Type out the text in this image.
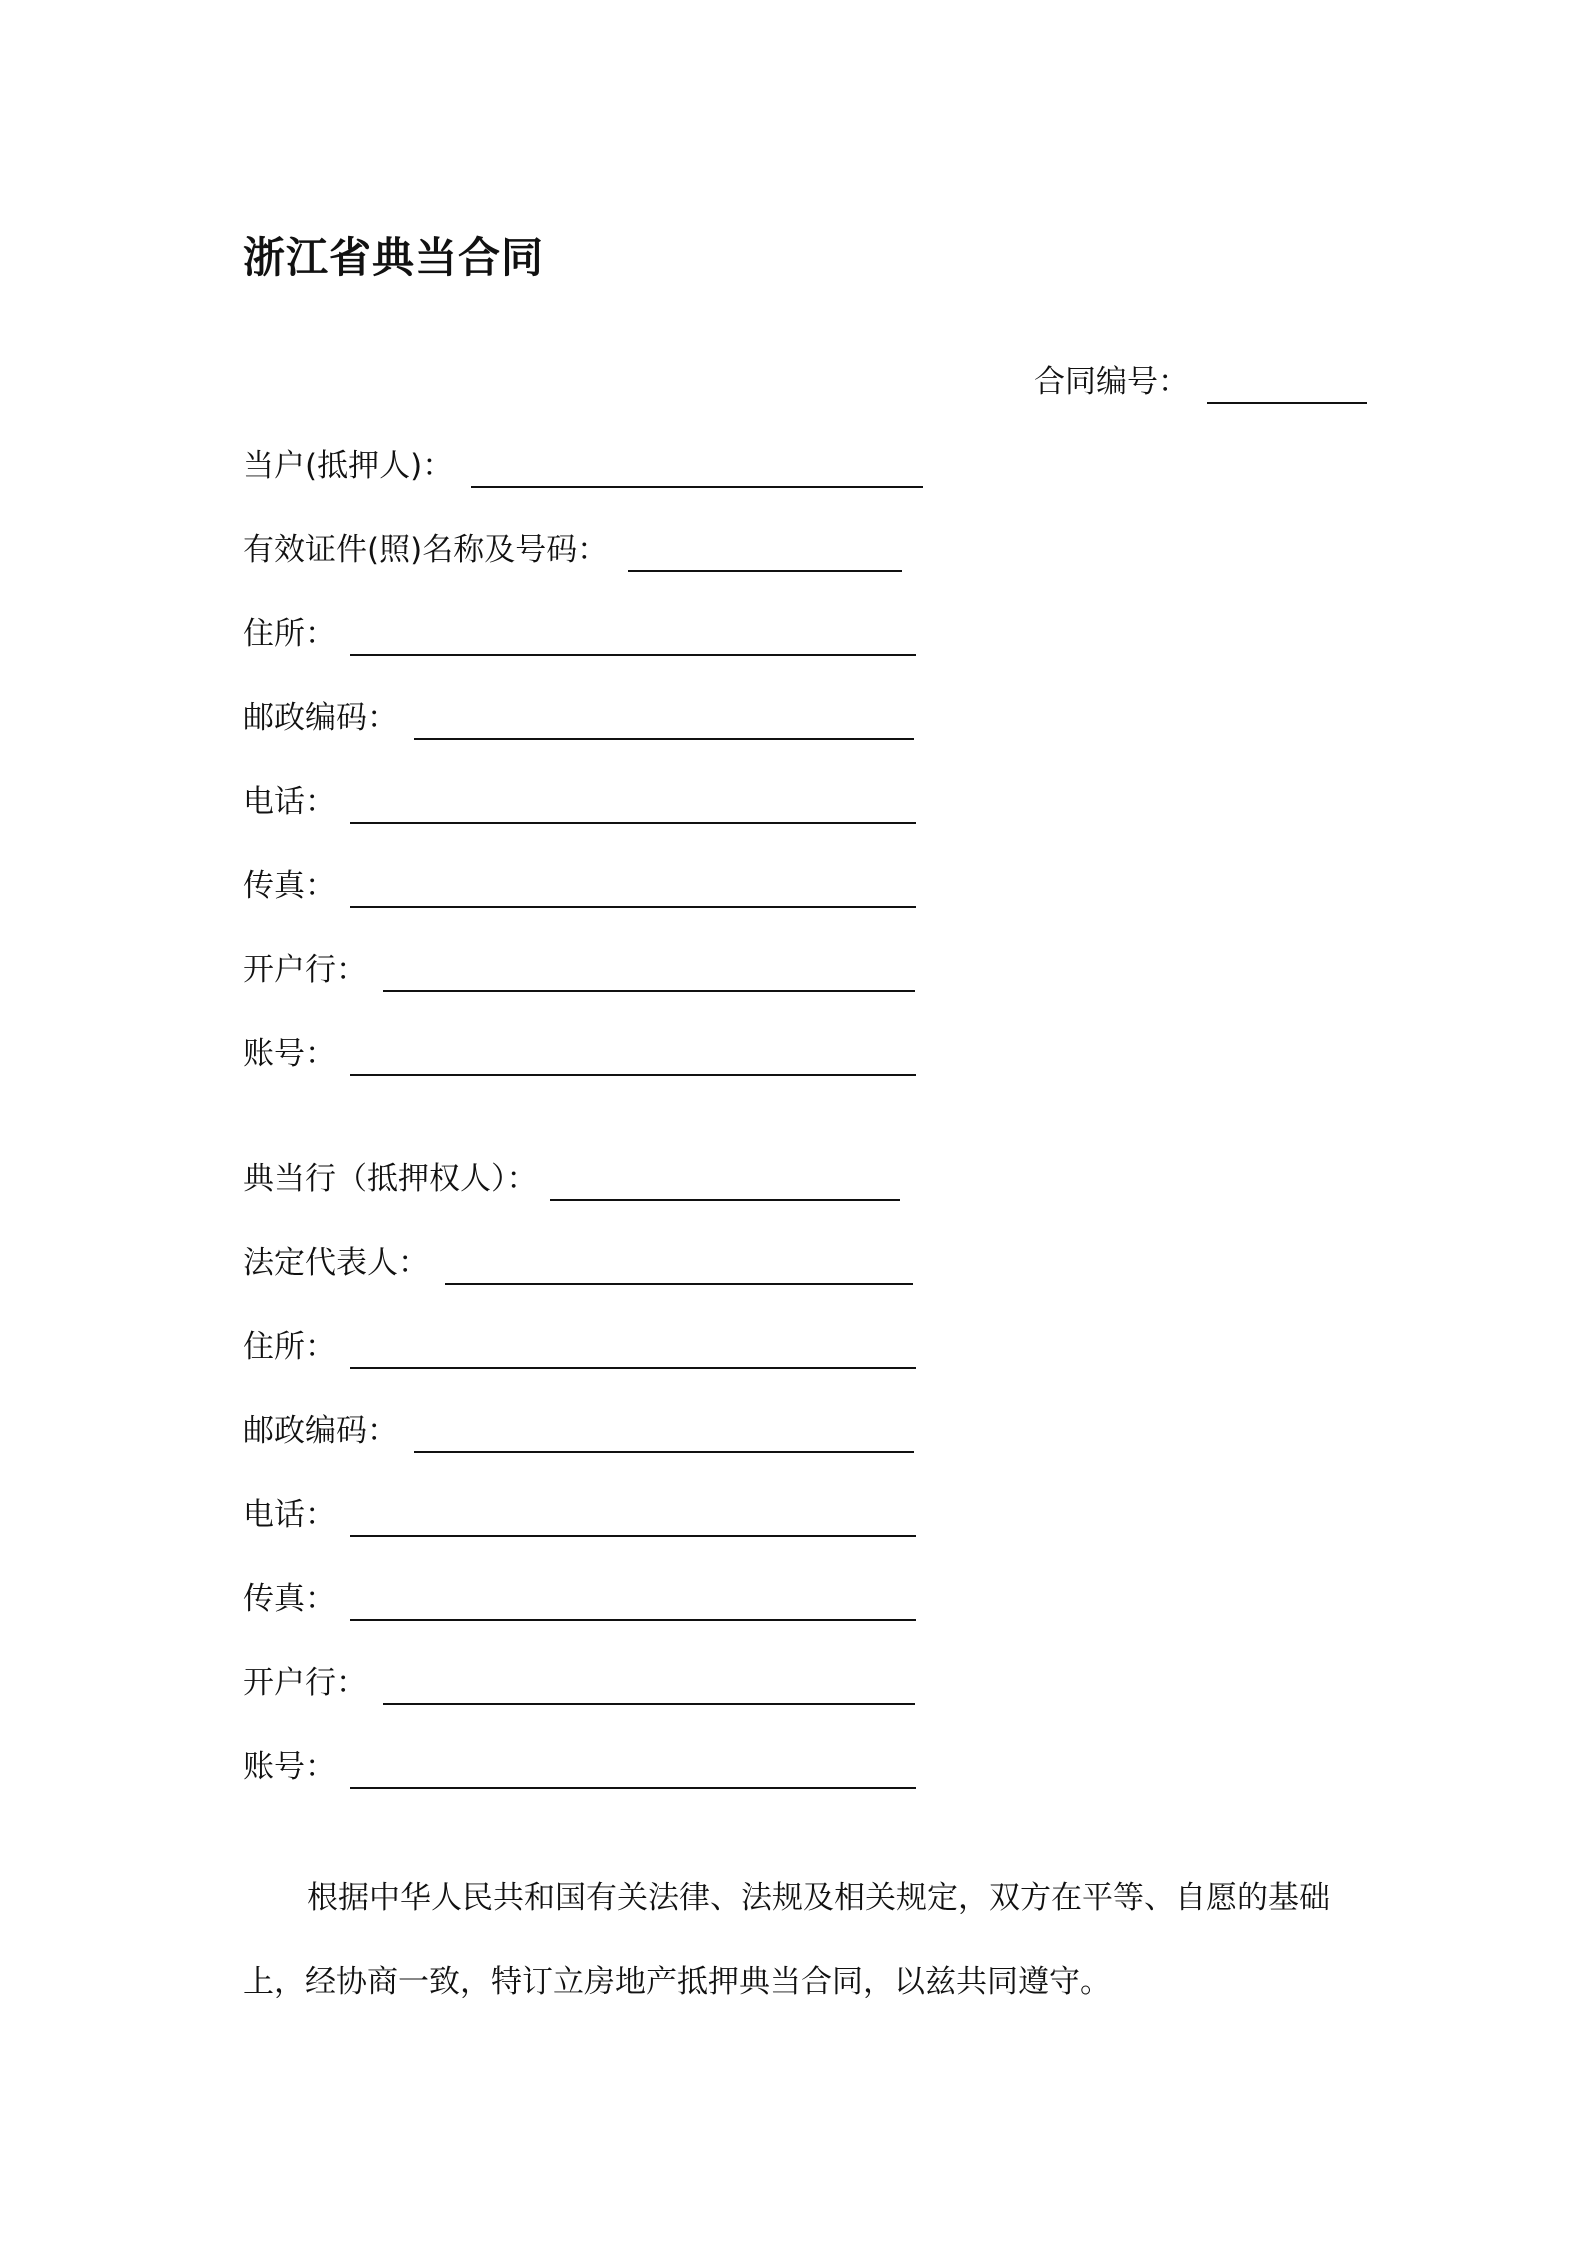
浙江省典当合同
合同编号：
当户(抵押人)：
有效证件(照)名称及号码：
住所：
邮政编码：
电话：
传真：
开户行：
账号：
典当行（抵押权人）：
法定代表人：
住所：
邮政编码：
电话：
传真：
开户行：
账号：

根据中华人民共和国有关法律、法规及相关规定，双方在平等、自愿的基础

上，经协商一致，特订立房地产抵押典当合同，以兹共同遵守。
